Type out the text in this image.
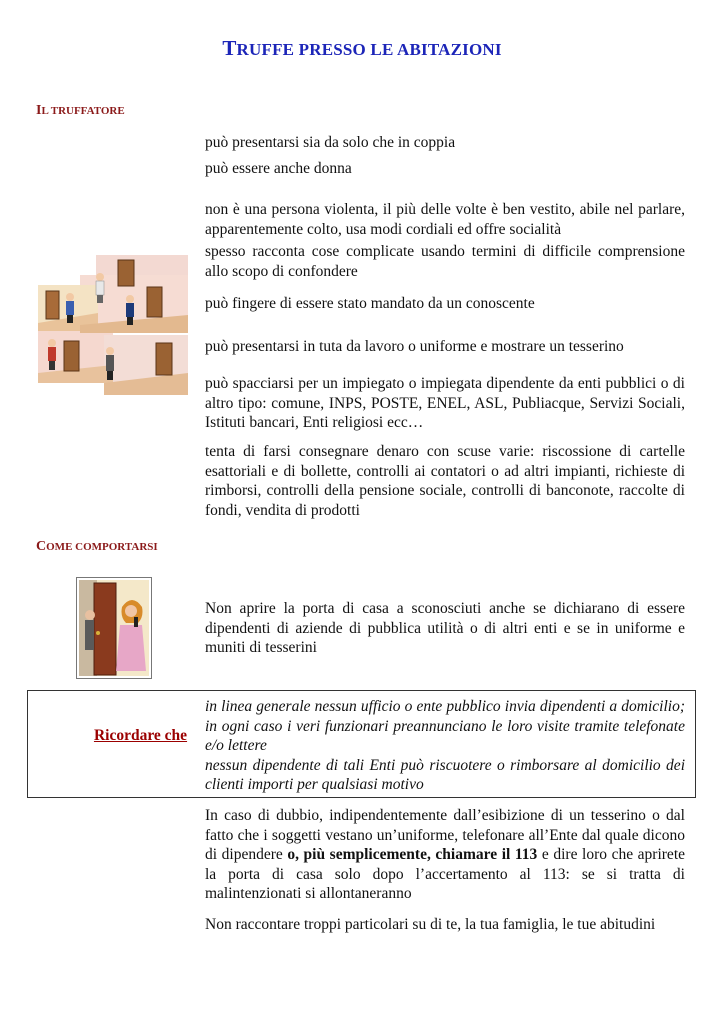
TRUFFE PRESSO LE ABITAZIONI
IL TRUFFATORE

può presentarsi sia da solo che in coppia

può essere anche donna

non è una persona violenta, il più delle volte è ben vestito, abile nel parlare, apparentemente colto, usa modi cordiali ed offre socialità

spesso racconta cose complicate usando termini di difficile comprensione allo scopo di confondere

può fingere di essere stato mandato da un conoscente

può presentarsi in tuta da lavoro o uniforme e mostrare un tesserino

può spacciarsi per un impiegato o impiegata dipendente da enti pubblici o di altro tipo: comune, INPS, POSTE, ENEL, ASL, Publiacque, Servizi Sociali, Istituti bancari, Enti religiosi ecc…

tenta di farsi consegnare denaro con scuse varie: riscossione di cartelle esattoriali e di bollette, controlli ai contatori o ad altri impianti, richieste di rimborsi, controlli della pensione sociale, controlli di banconote, raccolte di fondi, vendita di prodotti

COME COMPORTARSI

Non aprire la porta di casa a sconosciuti anche se dichiarano di essere dipendenti di aziende di pubblica utilità o di altri enti e se in uniforme e muniti di tesserini

Ricordare che

in linea generale nessun ufficio o ente pubblico invia dipendenti a domicilio; in ogni caso i veri funzionari preannunciano le loro visite tramite telefonate e/o lettere
nessun dipendente di tali Enti può riscuotere o rimborsare al domicilio dei clienti importi per qualsiasi motivo

In caso di dubbio, indipendentemente dall’esibizione di un tesserino o dal fatto che i soggetti vestano un’uniforme, telefonare all’Ente dal quale dicono di dipendere o, più semplicemente, chiamare il 113 e dire loro che aprirete la porta di casa solo dopo l’accertamento al 113: se si tratta di malintenzionati si allontaneranno

Non raccontare troppi particolari su di te, la tua famiglia, le tue abitudini
